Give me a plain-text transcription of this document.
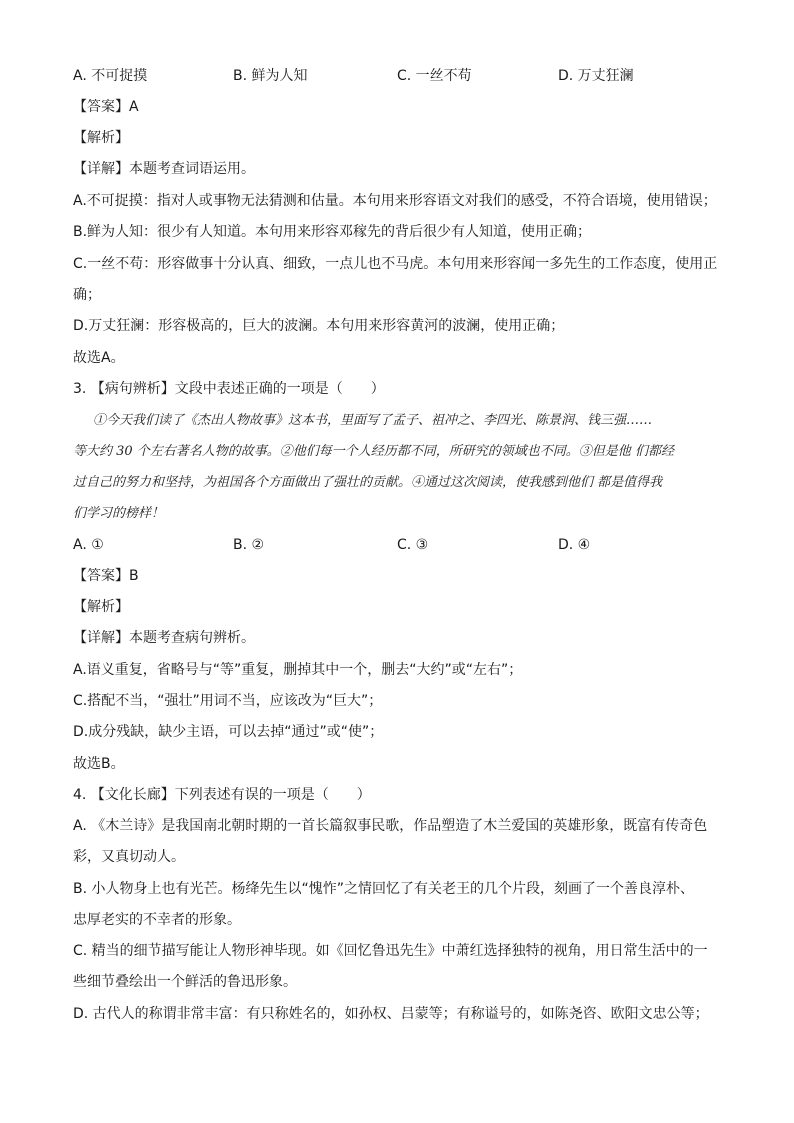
A. 不可捉摸	B. 鲜为人知	C. 一丝不苟	D. 万丈狂澜
【答案】A
【解析】
【详解】本题考查词语运用。
A.不可捉摸：指对人或事物无法猜测和估量。本句用来形容语文对我们的感受，不符合语境，使用错误；
B.鲜为人知：很少有人知道。本句用来形容邓稼先的背后很少有人知道，使用正确；
C.一丝不苟：形容做事十分认真、细致，一点儿也不马虎。本句用来形容闻一多先生的工作态度，使用正
确；
D.万丈狂澜：形容极高的，巨大的波澜。本句用来形容黄河的波澜，使用正确；
故选A。
3. 【病句辨析】文段中表述正确的一项是（　　）
①今天我们读了《杰出人物故事》这本书，里面写了孟子、祖冲之、李四光、陈景润、钱三强……
等大约 30 个左右著名人物的故事。②他们每一个人经历都不同，所研究的领域也不同。③但是他 们都经
过自己的努力和坚持，为祖国各个方面做出了强壮的贡献。④通过这次阅读，使我感到他们 都是值得我
们学习的榜样！
A. ①	B. ②	C. ③	D. ④
【答案】B
【解析】
【详解】本题考查病句辨析。
A.语义重复，省略号与“等”重复，删掉其中一个，删去“大约”或“左右”；
C.搭配不当，“强壮”用词不当，应该改为“巨大”；
D.成分残缺，缺少主语，可以去掉“通过”或“使”；
故选B。
4. 【文化长廊】下列表述有误的一项是（　　）
A. 《木兰诗》是我国南北朝时期的一首长篇叙事民歌，作品塑造了木兰爱国的英雄形象，既富有传奇色
彩，又真切动人。
B. 小人物身上也有光芒。杨绛先生以“愧怍”之情回忆了有关老王的几个片段，刻画了一个善良淳朴、
忠厚老实的不幸者的形象。
C. 精当的细节描写能让人物形神毕现。如《回忆鲁迅先生》中萧红选择独特的视角，用日常生活中的一
些细节叠绘出一个鲜活的鲁迅形象。
D. 古代人的称谓非常丰富：有只称姓名的，如孙权、吕蒙等；有称谥号的，如陈尧咨、欧阳文忠公等；
